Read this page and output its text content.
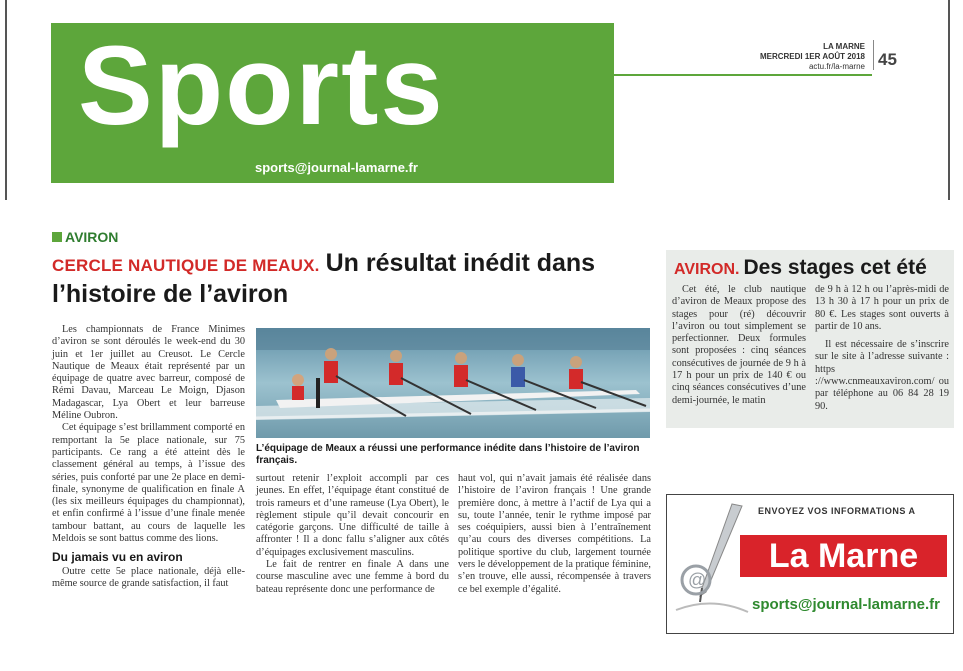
Sports
sports@journal-lamarne.fr
LA MARNE
MERCREDI 1ER AOÛT 2018
actu.fr/la-marne 45
AVIRON
CERCLE NAUTIQUE DE MEAUX. Un résultat inédit dans l’histoire de l’aviron

Les championnats de France Minimes d’aviron se sont déroulés le week-end du 30 juin et 1er juillet au Creusot. Le Cercle Nautique de Meaux était représenté par un équipage de quatre avec barreur, composé de Rémi Davau, Marceau Le Moign, Djason Madagascar, Lya Obert et leur barreuse Méline Oubron.

Cet équipage s’est brillamment comporté en remportant la 5e place nationale, sur 75 participants. Ce rang a été atteint dès le classement général au temps, à l’issue des séries, puis conforté par une 2e place en demi-finale, synonyme de qualification en finale A (les six meilleurs équipages du championnat), et enfin confirmé à l’issue d’une finale menée tambour battant, au cours de laquelle les Meldois se sont battus comme des lions.

Du jamais vu en aviron

Outre cette 5e place nationale, déjà elle-même source de grande satisfaction, il faut

L’équipage de Meaux a réussi une performance inédite dans l’histoire de l’aviron français.

surtout retenir l’exploit accompli par ces jeunes. En effet, l’équipage étant constitué de trois rameurs et d’une rameuse (Lya Obert), le règlement stipule qu’il devait concourir en catégorie garçons. Une difficulté de taille à affronter ! Il a donc fallu s’aligner aux côtés d’équipages exclusivement masculins.

Le fait de rentrer en finale A dans une course masculine avec une femme à bord du bateau représente donc une performance de

haut vol, qui n’avait jamais été réalisée dans l’histoire de l’aviron français ! Une grande première donc, à mettre à l’actif de Lya qui a su, toute l’année, tenir le rythme imposé par ses coéquipiers, aussi bien à l’entraînement qu’au cours des diverses compétitions. La politique sportive du club, largement tournée vers le développement de la pratique féminine, s’en trouve, elle aussi, récompensée à travers ce bel exemple d’égalité.

AVIRON. Des stages cet été

Cet été, le club nautique d’aviron de Meaux propose des stages pour (ré) découvrir l’aviron ou tout simplement se perfectionner. Deux formules sont proposées : cinq séances consécutives de journée de 9 h à 17 h pour un prix de 140 € ou cinq séances consécutives d’une demi-journée, le matin

de 9 h à 12 h ou l’après-midi de 13 h 30 à 17 h pour un prix de 80 €. Les stages sont ouverts à partir de 10 ans.

Il est nécessaire de s’inscrire sur le site à l’adresse suivante : https ://www.cnmeauxaviron.com/ ou par téléphone au 06 84 28 19 90.

@
ENVOYEZ VOS INFORMATIONS A
La Marne
sports@journal-lamarne.fr
